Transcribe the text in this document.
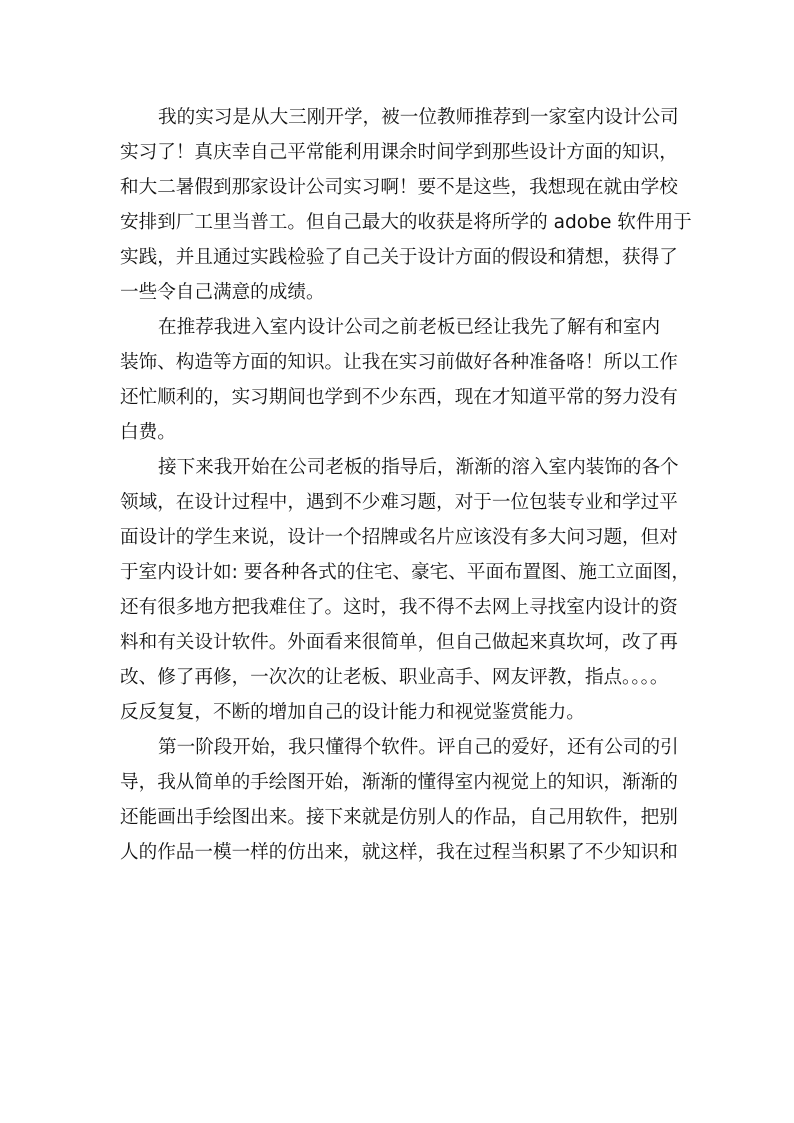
我的实习是从大三刚开学，被一位教师推荐到一家室内设计公司
实习了！真庆幸自己平常能利用课余时间学到那些设计方面的知识，
和大二暑假到那家设计公司实习啊！要不是这些，我想现在就由学校
安排到厂工里当普工。但自己最大的收获是将所学的 adobe 软件用于
实践，并且通过实践检验了自己关于设计方面的假设和猜想，获得了
一些令自己满意的成绩。
在推荐我进入室内设计公司之前老板已经让我先了解有和室内
装饰、构造等方面的知识。让我在实习前做好各种准备咯！所以工作
还忙顺利的，实习期间也学到不少东西，现在才知道平常的努力没有
白费。
接下来我开始在公司老板的指导后，渐渐的溶入室内装饰的各个
领域，在设计过程中，遇到不少难习题，对于一位包装专业和学过平
面设计的学生来说，设计一个招牌或名片应该没有多大问习题，但对
于室内设计如: 要各种各式的住宅、豪宅、平面布置图、施工立面图，
还有很多地方把我难住了。这时，我不得不去网上寻找室内设计的资
料和有关设计软件。外面看来很简单，但自己做起来真坎坷，改了再
改、修了再修，一次次的让老板、职业高手、网友评教，指点。。。。
反反复复，不断的增加自己的设计能力和视觉鉴赏能力。
第一阶段开始，我只懂得个软件。评自己的爱好，还有公司的引
导，我从简单的手绘图开始，渐渐的懂得室内视觉上的知识，渐渐的
还能画出手绘图出来。接下来就是仿别人的作品，自己用软件，把别
人的作品一模一样的仿出来，就这样，我在过程当积累了不少知识和
